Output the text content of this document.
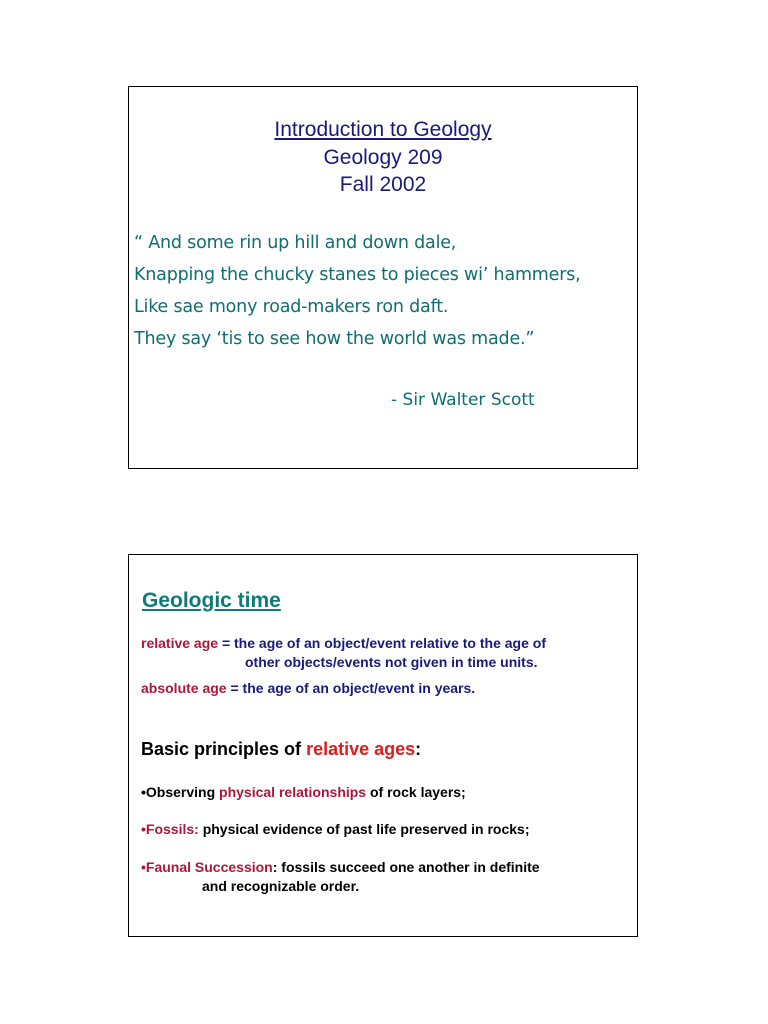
Introduction to Geology
Geology 209
Fall 2002
“ And some rin up hill and down dale,
Knapping the chucky stanes to pieces wi’ hammers,
Like sae mony road-makers ron daft.
They say ‘tis to see how the world was made.”
- Sir Walter Scott
Geologic time
relative age = the age of an object/event relative to the age of
other objects/events not given in time units.
absolute age = the age of an object/event in years.
Basic principles of relative ages:
•Observing physical relationships of rock layers;
•Fossils: physical evidence of past life preserved in rocks;
•Faunal Succession: fossils succeed one another in definite
and recognizable order.
